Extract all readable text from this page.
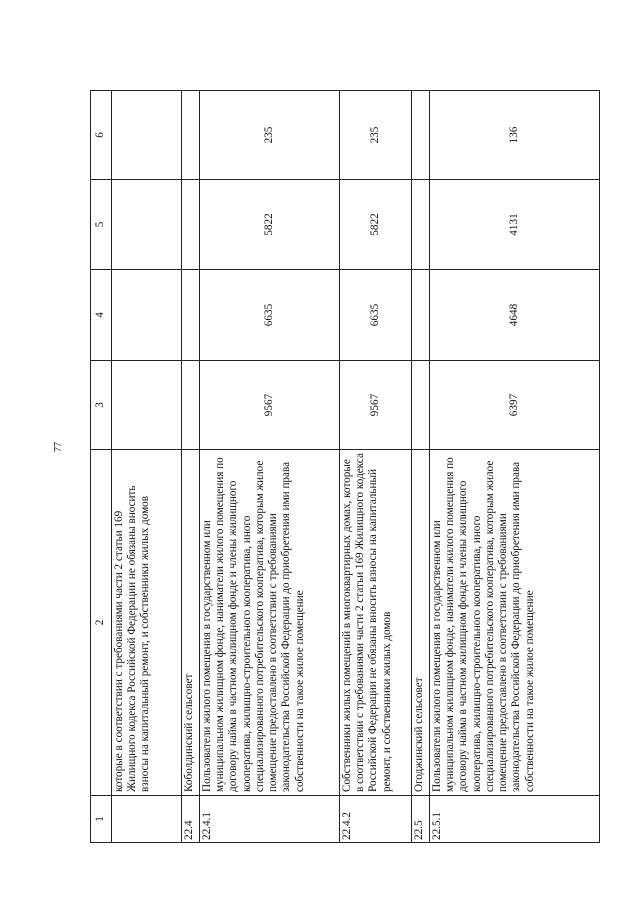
77
1	2	3	4	5	6
	которые в соответствии с требованиями части 2 статьи 169 Жилищного кодекса Российской Федерации не обязаны вносить взносы на капитальный ремонт, и собственники жилых домов				
22.4	Коболдинский сельсовет				
22.4.1	Пользователи жилого помещения в государственном или муниципальном жилищном фонде, наниматели жилого помещения по договору найма в частном жилищном фонде и члены жилищного кооператива, жилищно-строительного кооператива, иного специализированного потребительского кооператива, которым жилое помещение предоставлено в соответствии с требованиями законодательства Российской Федерации до приобретения ими права собственности на такое жилое помещение	9567	6635	5822	235
22.4.2	Собственники жилых помещений в многоквартирных домах, которые в соответствии с требованиями части 2 статьи 169 Жилищного кодекса Российской Федерации не обязаны вносить взносы на капитальный ремонт, и собственники жилых домов	9567	6635	5822	235
22.5	Огоджинский сельсовет				
22.5.1	Пользователи жилого помещения в государственном или муниципальном жилищном фонде, наниматели жилого помещения по договору найма в частном жилищном фонде и члены жилищного кооператива, жилищно-строительного кооператива, иного специализированного потребительского кооператива, которым жилое помещение предоставлено в соответствии с требованиями законодательства Российской Федерации до приобретения ими права собственности на такое жилое помещение	6397	4648	4131	136
